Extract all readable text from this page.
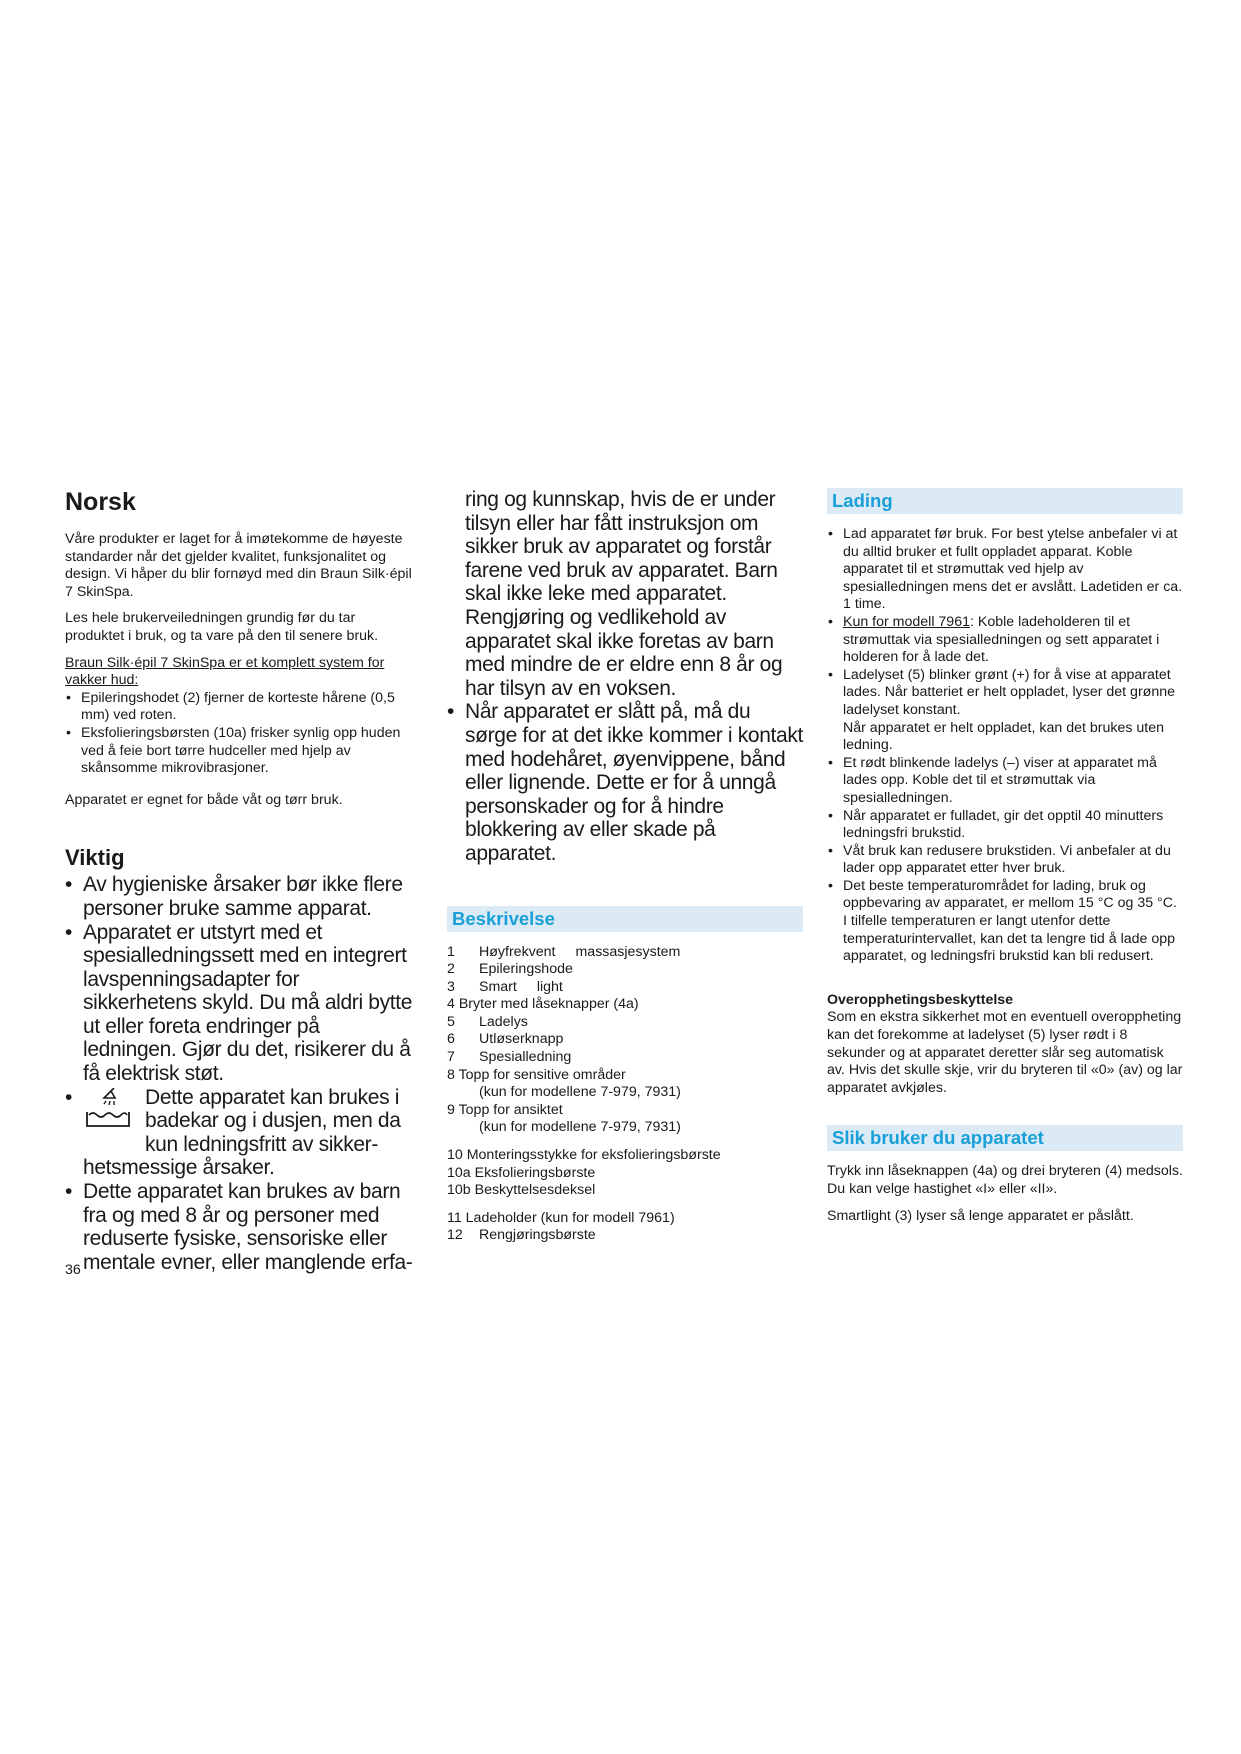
Norsk

Våre produkter er laget for å imøtekomme de høyeste standarder når det gjelder kvalitet, funksjonalitet og design. Vi håper du blir fornøyd med din Braun Silk·épil 7 SkinSpa.

Les hele brukerveiledningen grundig før du tar produktet i bruk, og ta vare på den til senere bruk.

Braun Silk·épil 7 SkinSpa er et komplett system for vakker hud:

• Epileringshodet (2) fjerner de korteste hårene (0,5 mm) ved roten.
• Eksfolieringsbørsten (10a) frisker synlig opp huden ved å feie bort tørre hudceller med hjelp av skånsomme mikrovibrasjoner.

Apparatet er egnet for både våt og tørr bruk.

Viktig
• Av hygieniske årsaker bør ikke flere personer bruke samme apparat.
• Apparatet er utstyrt med et spesialledningssett med en integrert lavspenningsadapter for sikkerhetens skyld. Du må aldri bytte ut eller foreta endringer på ledningen. Gjør du det, risikerer du å få elektrisk støt.
• Dette apparatet kan brukes i badekar og i dusjen, men da kun ledningsfritt av sikker-
hetsmessige årsaker.
• Dette apparatet kan brukes av barn fra og med 8 år og personer med reduserte fysiske, sensoriske eller mentale evner, eller manglende erfa-
ring og kunnskap, hvis de er under tilsyn eller har fått instruksjon om sikker bruk av apparatet og forstår farene ved bruk av apparatet. Barn skal ikke leke med apparatet. Rengjøring og vedlikehold av apparatet skal ikke foretas av barn med mindre de er eldre enn 8 år og har tilsyn av en voksen.
• Når apparatet er slått på, må du sørge for at det ikke kommer i kontakt med hodehåret, øyenvippene, bånd eller lignende. Dette er for å unngå personskader og for å hindre blokkering av eller skade på apparatet.
Beskrivelse
1	Høyfrekvent massasjesystem
2	Epileringshode
3	Smart light
4 Bryter med låseknapper (4a)
5	Ladelys
6	Utløserknapp
7	Spesialledning
8 Topp for sensitive områder
(kun for modellene 7-979, 7931)
9 Topp for ansiktet
(kun for modellene 7-979, 7931)
10 Monteringsstykke for eksfolieringsbørste
10a Eksfolieringsbørste
10b Beskyttelsesdeksel
11 Ladeholder (kun for modell 7961)
12	Rengjøringsbørste
Lading
• Lad apparatet før bruk. For best ytelse anbefaler vi at du alltid bruker et fullt oppladet apparat. Koble apparatet til et strømuttak ved hjelp av spesialledningen mens det er avslått. Ladetiden er ca. 1 time.
• Kun for modell 7961: Koble ladeholderen til et strømuttak via spesialledningen og sett apparatet i holderen for å lade det.
• Ladelyset (5) blinker grønt (+) for å vise at apparatet lades. Når batteriet er helt oppladet, lyser det grønne ladelyset konstant.
Når apparatet er helt oppladet, kan det brukes uten ledning.
• Et rødt blinkende ladelys (–) viser at apparatet må lades opp. Koble det til et strømuttak via spesialledningen.
• Når apparatet er fulladet, gir det opptil 40 minutters ledningsfri brukstid.
• Våt bruk kan redusere brukstiden. Vi anbefaler at du lader opp apparatet etter hver bruk.
• Det beste temperaturområdet for lading, bruk og oppbevaring av apparatet, er mellom 15 °C og 35 °C. I tilfelle temperaturen er langt utenfor dette temperaturintervallet, kan det ta lengre tid å lade opp apparatet, og ledningsfri brukstid kan bli redusert.

Overopphetingsbeskyttelse

Som en ekstra sikkerhet mot en eventuell overoppheting kan det forekomme at ladelyset (5) lyser rødt i 8 sekunder og at apparatet deretter slår seg automatisk av. Hvis det skulle skje, vrir du bryteren til «0» (av) og lar apparatet avkjøles.

Slik bruker du apparatet

Trykk inn låseknappen (4a) og drei bryteren (4) medsols. Du kan velge hastighet «I» eller «II».

Smartlight (3) lyser så lenge apparatet er påslått.

36
